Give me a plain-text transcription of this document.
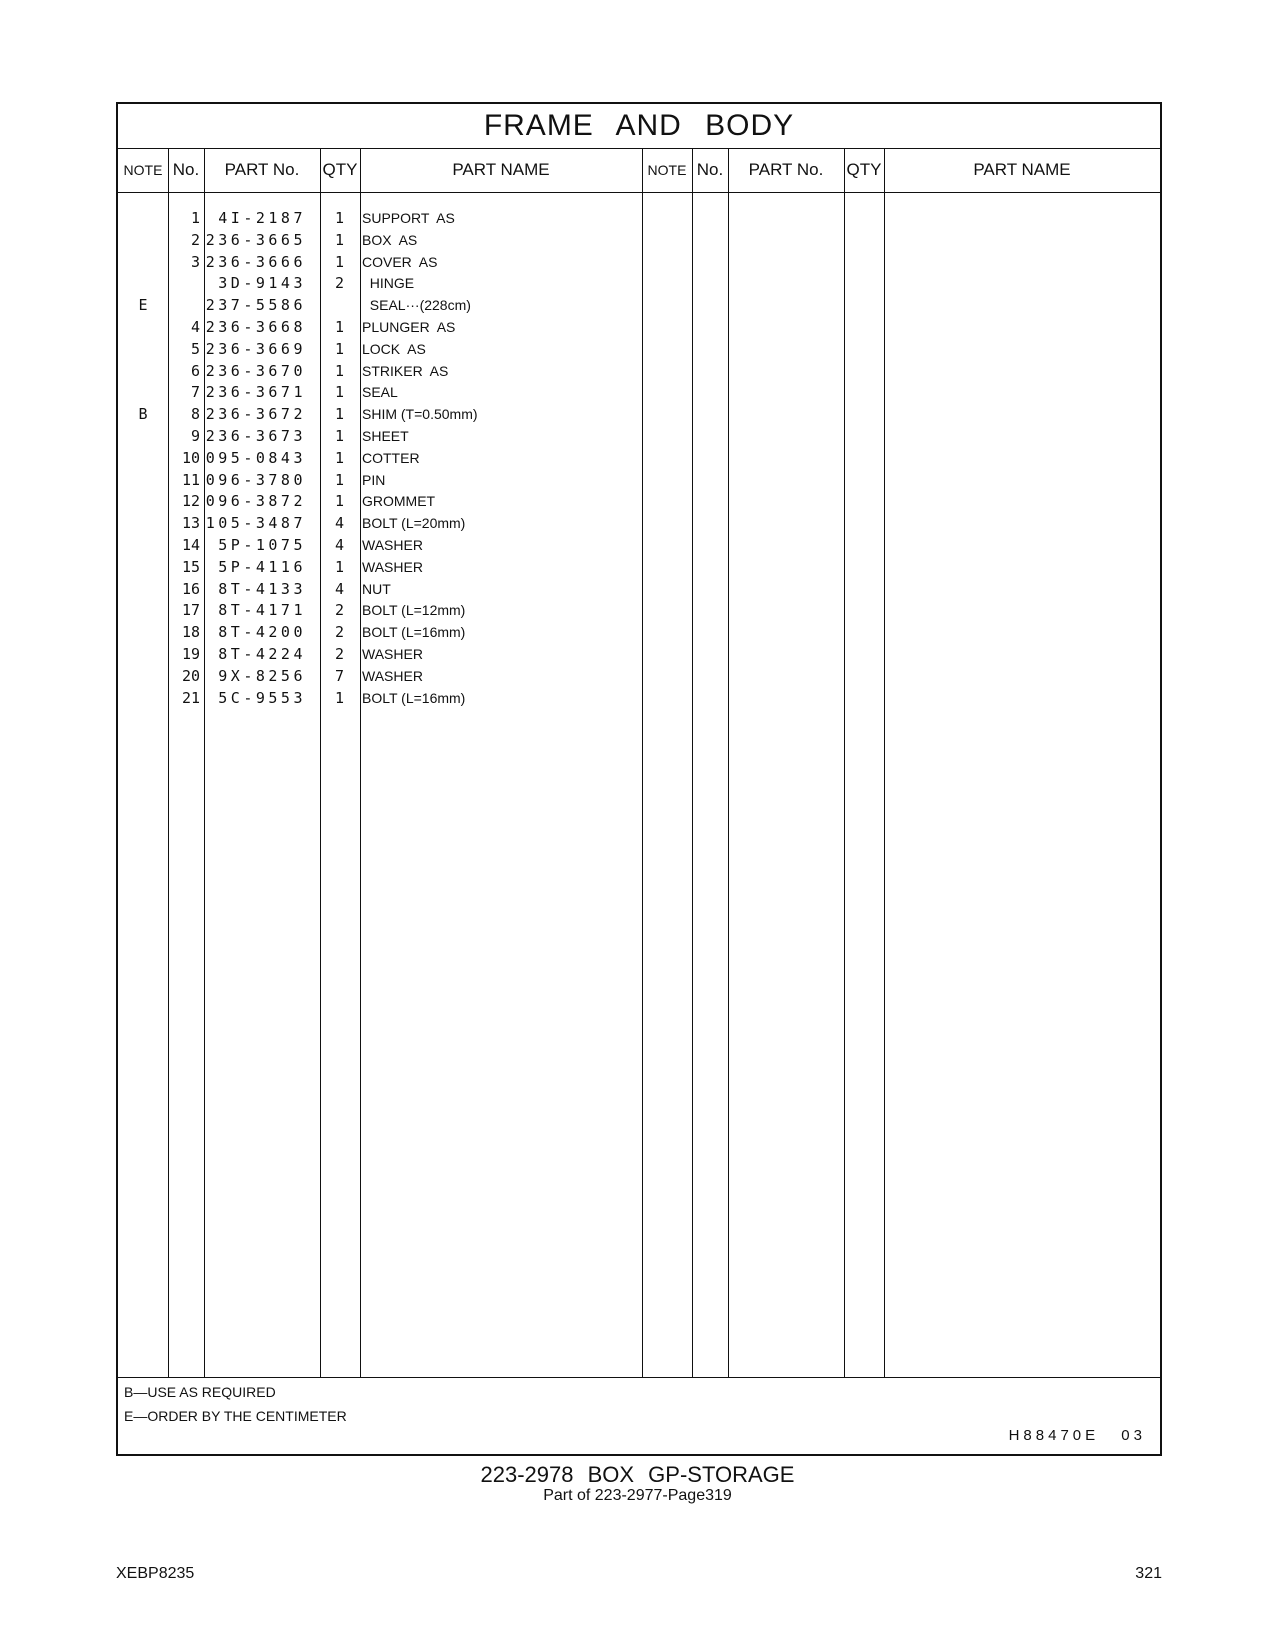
FRAME AND BODY
NOTE No.	PART No.	QTY	PART NAME	NOTE No.	PART No.	QTY	PART NAME
1	4I-2187	1 SUPPORT  AS
2 236-3665	1 BOX  AS
3 236-3666	1 COVER  AS
3D-9143	2 HINGE
E	237-5586	SEAL···(228cm)
4 236-3668	1 PLUNGER  AS
5 236-3669	1 LOCK  AS
6 236-3670	1 STRIKER  AS
7 236-3671	1 SEAL
B	8 236-3672	1 SHIM (T=0.50mm)
9 236-3673	1 SHEET
10 095-0843	1 COTTER
11 096-3780	1 PIN
12 096-3872	1 GROMMET
13 105-3487	4 BOLT (L=20mm)
14	5P-1075	4 WASHER
15	5P-4116	1 WASHER
16	8T-4133	4 NUT
17	8T-4171	2 BOLT (L=12mm)
18	8T-4200	2 BOLT (L=16mm)
19	8T-4224	2 WASHER
20	9X-8256	7 WASHER
21	5C-9553	1 BOLT (L=16mm)
B—USE AS REQUIRED
E—ORDER BY THE CENTIMETER
H88470E 03
223-2978 BOX GP-STORAGE
Part of 223-2977-Page319
XEBP8235	321
